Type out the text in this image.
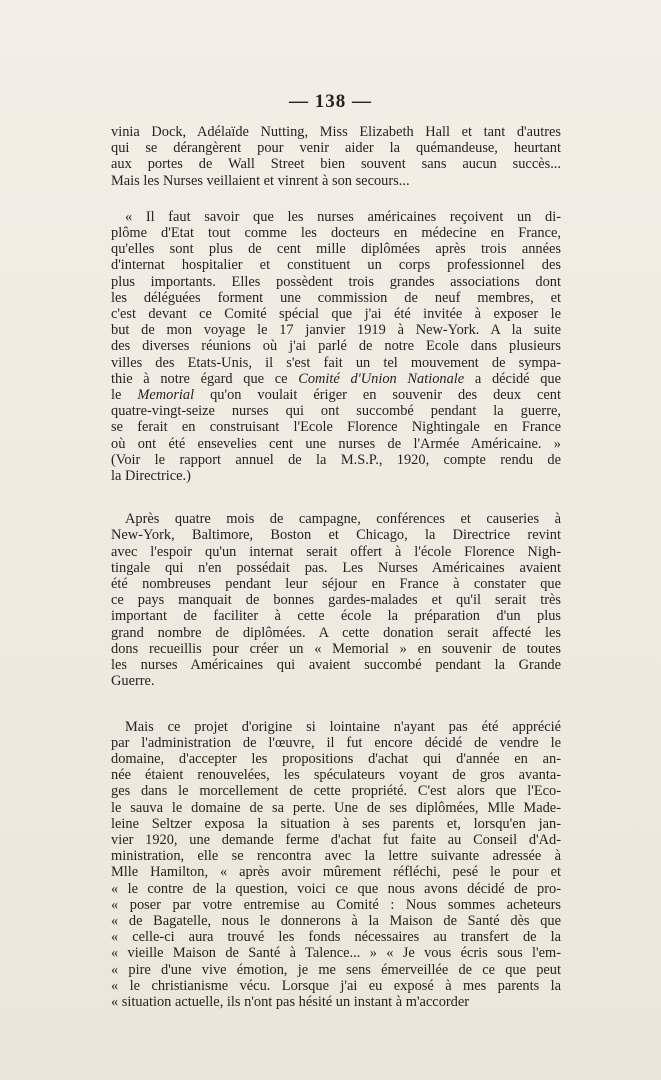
— 138 —

vinia Dock, Adélaïde Nutting, Miss Elizabeth Hall et tant d'autres
qui se dérangèrent pour venir aider la quémandeuse, heurtant
aux portes de Wall Street bien souvent sans aucun succès...
Mais les Nurses veillaient et vinrent à son secours...

« Il faut savoir que les nurses américaines reçoivent un di-
plôme d'Etat tout comme les docteurs en médecine en France,
qu'elles sont plus de cent mille diplômées après trois années
d'internat hospitalier et constituent un corps professionnel des
plus importants. Elles possèdent trois grandes associations dont
les déléguées forment une commission de neuf membres, et
c'est devant ce Comité spécial que j'ai été invitée à exposer le
but de mon voyage le 17 janvier 1919 à New-York. A la suite
des diverses réunions où j'ai parlé de notre Ecole dans plusieurs
villes des Etats-Unis, il s'est fait un tel mouvement de sympa-
thie à notre égard que ce Comité d'Union Nationale a décidé que
le Memorial qu'on voulait ériger en souvenir des deux cent
quatre-vingt-seize nurses qui ont succombé pendant la guerre,
se ferait en construisant l'Ecole Florence Nightingale en France
où ont été ensevelies cent une nurses de l'Armée Américaine. »
(Voir le rapport annuel de la M.S.P., 1920, compte rendu de
la Directrice.)

Après quatre mois de campagne, conférences et causeries à
New-York, Baltimore, Boston et Chicago, la Directrice revint
avec l'espoir qu'un internat serait offert à l'école Florence Nigh-
tingale qui n'en possédait pas. Les Nurses Américaines avaient
été nombreuses pendant leur séjour en France à constater que
ce pays manquait de bonnes gardes-malades et qu'il serait très
important de faciliter à cette école la préparation d'un plus
grand nombre de diplômées. A cette donation serait affecté les
dons recueillis pour créer un « Memorial » en souvenir de toutes
les nurses Américaines qui avaient succombé pendant la Grande
Guerre.

Mais ce projet d'origine si lointaine n'ayant pas été apprécié
par l'administration de l'œuvre, il fut encore décidé de vendre le
domaine, d'accepter les propositions d'achat qui d'année en an-
née étaient renouvelées, les spéculateurs voyant de gros avanta-
ges dans le morcellement de cette propriété. C'est alors que l'Eco-
le sauva le domaine de sa perte. Une de ses diplômées, Mlle Made-
leine Seltzer exposa la situation à ses parents et, lorsqu'en jan-
vier 1920, une demande ferme d'achat fut faite au Conseil d'Ad-
ministration, elle se rencontra avec la lettre suivante adressée à
Mlle Hamilton, « après avoir mûrement réfléchi, pesé le pour et
« le contre de la question, voici ce que nous avons décidé de pro-
« poser par votre entremise au Comité : Nous sommes acheteurs
« de Bagatelle, nous le donnerons à la Maison de Santé dès que
« celle-ci aura trouvé les fonds nécessaires au transfert de la
« vieille Maison de Santé à Talence... » « Je vous écris sous l'em-
« pire d'une vive émotion, je me sens émerveillée de ce que peut
« le christianisme vécu. Lorsque j'ai eu exposé à mes parents la
« situation actuelle, ils n'ont pas hésité un instant à m'accorder
